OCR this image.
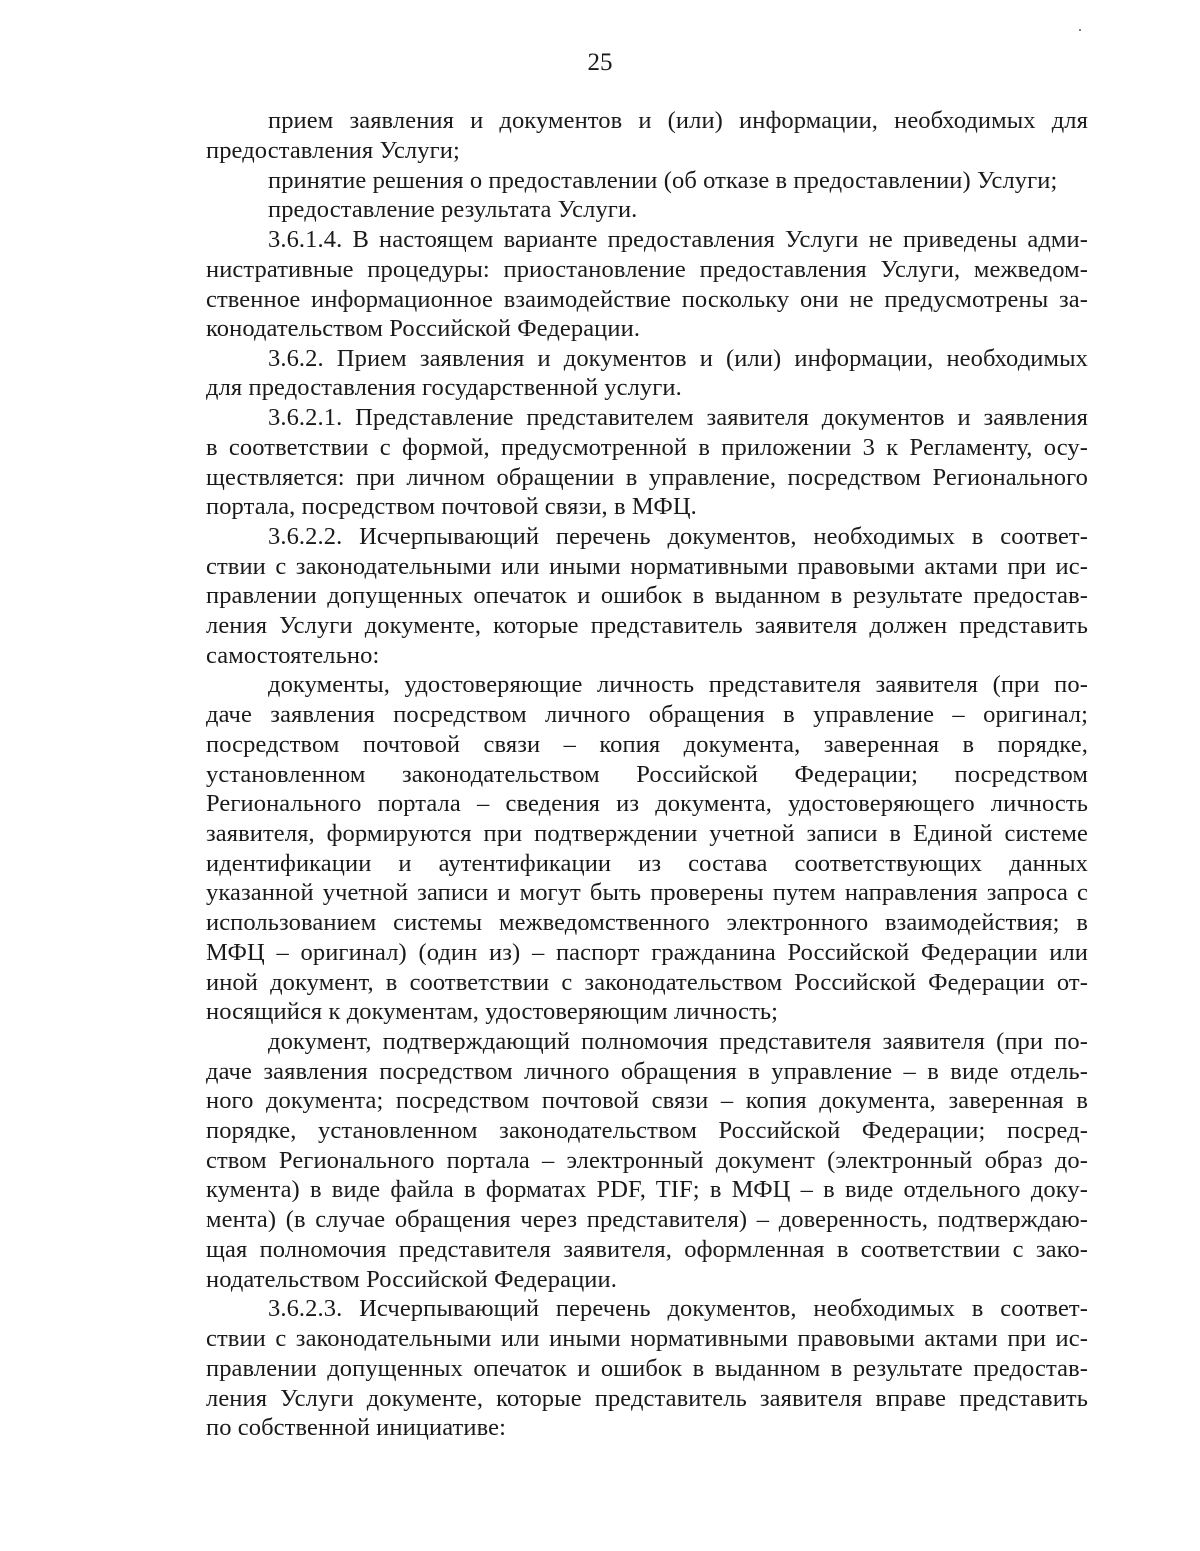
25

прием заявления и документов и (или) информации, необходимых для

предоставления Услуги;

принятие решения о предоставлении (об отказе в предоставлении) Услуги;

предоставление результата Услуги.

3.6.1.4. В настоящем варианте предоставления Услуги не приведены адми-

нистративные процедуры: приостановление предоставления Услуги, межведом-

ственное информационное взаимодействие поскольку они не предусмотрены за-

конодательством Российской Федерации.

3.6.2. Прием заявления и документов и (или) информации, необходимых

для предоставления государственной услуги.

3.6.2.1. Представление представителем заявителя документов и заявления

в соответствии с формой, предусмотренной в приложении 3 к Регламенту, осу-

ществляется: при личном обращении в управление, посредством Регионального

портала, посредством почтовой связи, в МФЦ.

3.6.2.2. Исчерпывающий перечень документов, необходимых в соответ-

ствии с законодательными или иными нормативными правовыми актами при ис-

правлении допущенных опечаток и ошибок в выданном в результате предостав-

ления Услуги документе, которые представитель заявителя должен представить

самостоятельно:

документы, удостоверяющие личность представителя заявителя (при по-

даче заявления посредством личного обращения в управление – оригинал;

посредством почтовой связи – копия документа, заверенная в порядке,

установленном законодательством Российской Федерации; посредством

Регионального портала – сведения из документа, удостоверяющего личность

заявителя, формируются при подтверждении учетной записи в Единой системе

идентификации и аутентификации из состава соответствующих данных

указанной учетной записи и могут быть проверены путем направления запроса с

использованием системы межведомственного электронного взаимодействия; в

МФЦ – оригинал) (один из) – паспорт гражданина Российской Федерации или

иной документ, в соответствии с законодательством Российской Федерации от-

носящийся к документам, удостоверяющим личность;

документ, подтверждающий полномочия представителя заявителя (при по-

даче заявления посредством личного обращения в управление – в виде отдель-

ного документа; посредством почтовой связи – копия документа, заверенная в

порядке, установленном законодательством Российской Федерации; посред-

ством Регионального портала – электронный документ (электронный образ до-

кумента) в виде файла в форматах PDF, TIF; в МФЦ – в виде отдельного доку-

мента) (в случае обращения через представителя) – доверенность, подтверждаю-

щая полномочия представителя заявителя, оформленная в соответствии с зако-

нодательством Российской Федерации.

3.6.2.3. Исчерпывающий перечень документов, необходимых в соответ-

ствии с законодательными или иными нормативными правовыми актами при ис-

правлении допущенных опечаток и ошибок в выданном в результате предостав-

ления Услуги документе, которые представитель заявителя вправе представить

по собственной инициативе:
